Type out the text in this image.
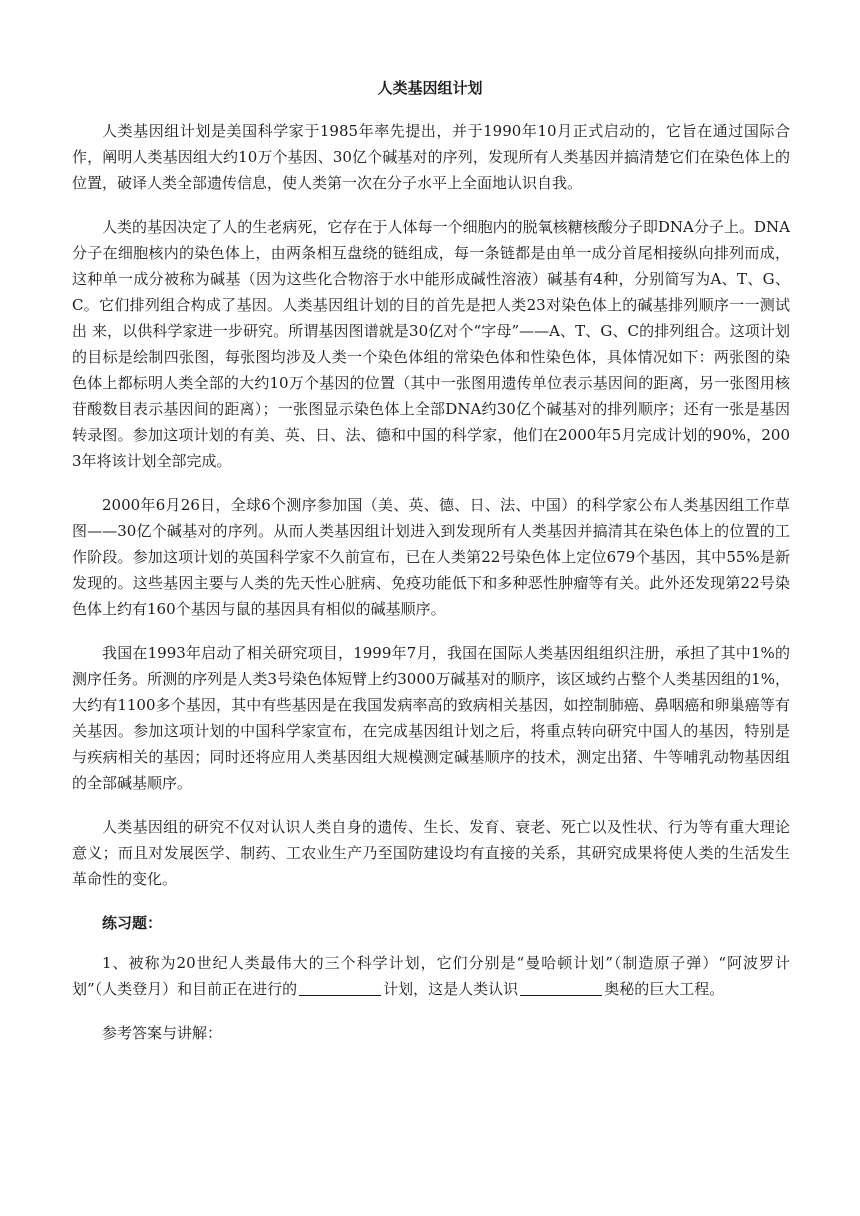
人类基因组计划

人类基因组计划是美国科学家于1985年率先提出，并于1990年10月正式启动的，它旨在通过国际合作，阐明人类基因组大约10万个基因、30亿个碱基对的序列，发现所有人类基因并搞清楚它们在染色体上的位置，破译人类全部遗传信息，使人类第一次在分子水平上全面地认识自我。

人类的基因决定了人的生老病死，它存在于人体每一个细胞内的脱氧核糖核酸分子即DNA分子上。DNA分子在细胞核内的染色体上，由两条相互盘绕的链组成，每一条链都是由单一成分首尾相接纵向排列而成，这种单一成分被称为碱基（因为这些化合物溶于水中能形成碱性溶液）碱基有4种，分别简写为A、T、G、C。它们排列组合构成了基因。人类基因组计划的目的首先是把人类23对染色体上的碱基排列顺序一一测试出 来，以供科学家进一步研究。所谓基因图谱就是30亿对个“字母”——A、T、G、C的排列组合。这项计划的目标是绘制四张图，每张图均涉及人类一个染色体组的常染色体和性染色体，具体情况如下：两张图的染色体上都标明人类全部的大约10万个基因的位置（其中一张图用遗传单位表示基因间的距离，另一张图用核苷酸数目表示基因间的距离）；一张图显示染色体上全部DNA约30亿个碱基对的排列顺序；还有一张是基因转录图。参加这项计划的有美、英、日、法、德和中国的科学家，他们在2000年5月完成计划的90%，2003年将该计划全部完成。

2000年6月26日，全球6个测序参加国（美、英、德、日、法、中国）的科学家公布人类基因组工作草图——30亿个碱基对的序列。从而人类基因组计划进入到发现所有人类基因并搞清其在染色体上的位置的工作阶段。参加这项计划的英国科学家不久前宣布，已在人类第22号染色体上定位679个基因，其中55%是新发现的。这些基因主要与人类的先天性心脏病、免疫功能低下和多种恶性肿瘤等有关。此外还发现第22号染色体上约有160个基因与鼠的基因具有相似的碱基顺序。

我国在1993年启动了相关研究项目，1999年7月，我国在国际人类基因组组织注册，承担了其中1%的测序任务。所测的序列是人类3号染色体短臂上约3000万碱基对的顺序，该区域约占整个人类基因组的1%，大约有1100多个基因，其中有些基因是在我国发病率高的致病相关基因，如控制肺癌、鼻咽癌和卵巢癌等有关基因。参加这项计划的中国科学家宣布，在完成基因组计划之后，将重点转向研究中国人的基因，特别是与疾病相关的基因；同时还将应用人类基因组大规模测定碱基顺序的技术，测定出猪、牛等哺乳动物基因组的全部碱基顺序。

人类基因组的研究不仅对认识人类自身的遗传、生长、发育、衰老、死亡以及性状、行为等有重大理论意义；而且对发展医学、制药、工农业生产乃至国防建设均有直接的关系，其研究成果将使人类的生活发生革命性的变化。

练习题：

1、被称为20世纪人类最伟大的三个科学计划，它们分别是“曼哈顿计划”（制造原子弹）“阿波罗计划”（人类登月）和目前正在进行的	计划，这是人类认识	奥秘的巨大工程。

参考答案与讲解：
